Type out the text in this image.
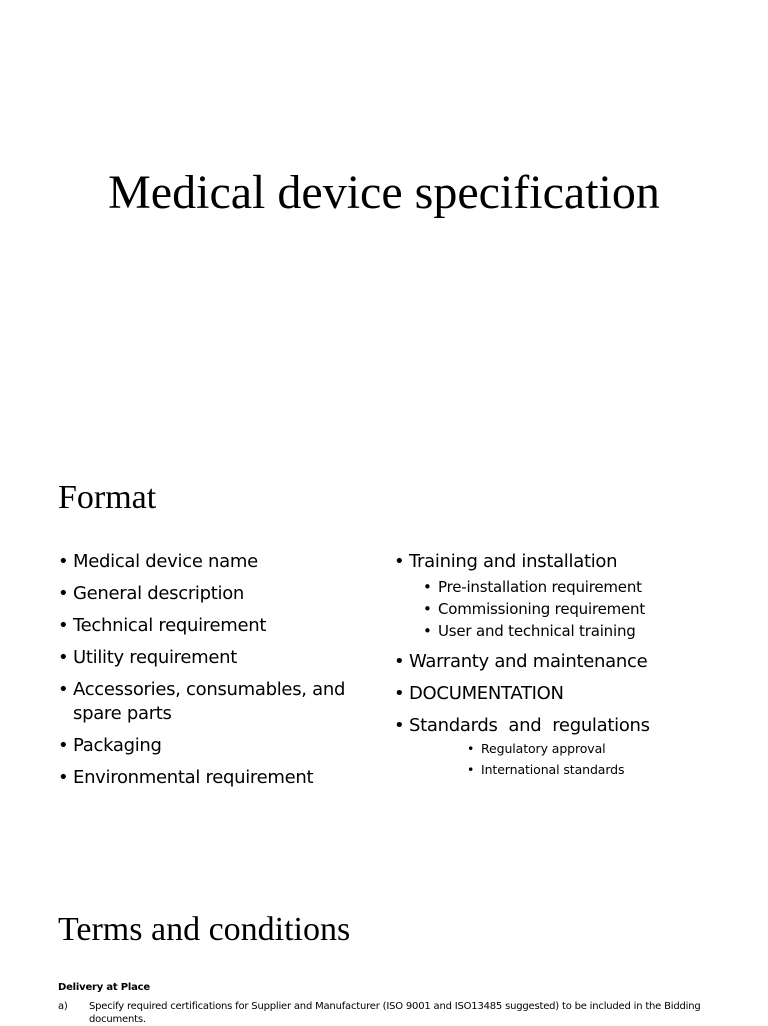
Medical device specification
Format
• Medical device name
• General description
• Technical requirement
• Utility requirement
• Accessories, consumables, and spare parts
• Packaging
• Environmental requirement
• Training and installation
• Pre-installation requirement
• Commissioning requirement
• User and technical training
• Warranty and maintenance
• DOCUMENTATION
• Standards  and  regulations
• Regulatory approval
• International standards
Terms and conditions
Delivery at Place
a)	Specify required certifications for Supplier and Manufacturer (ISO 9001 and ISO13485 suggested) to be included in the Bidding documents.
